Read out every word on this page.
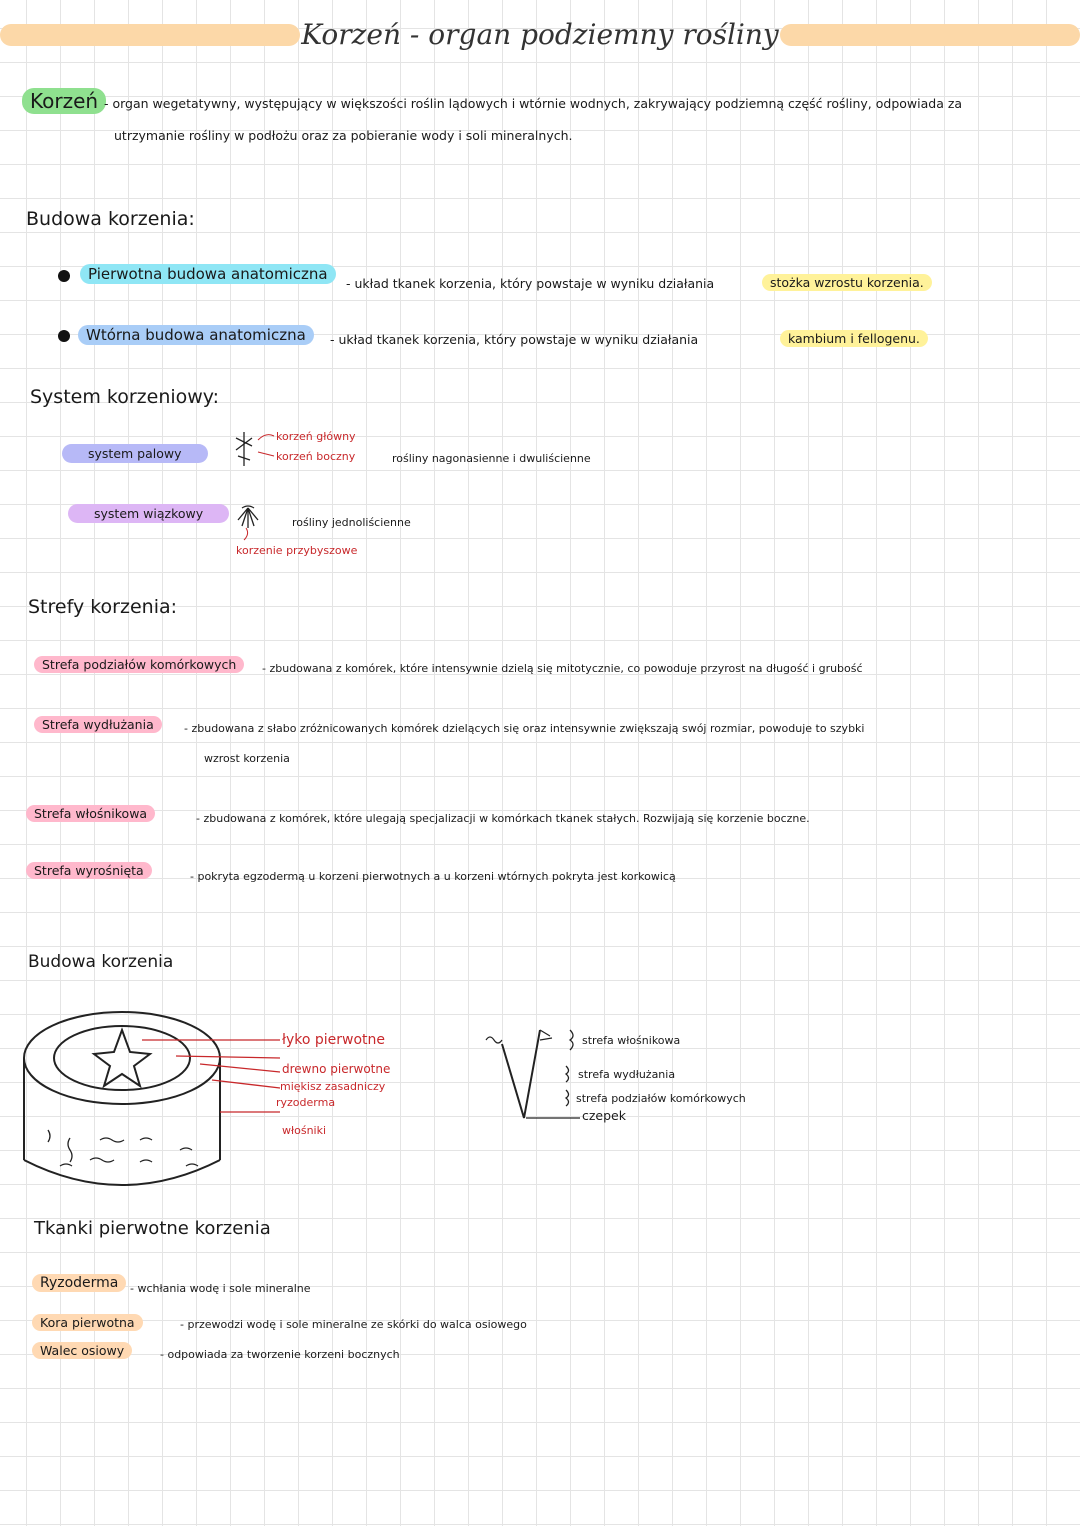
Korzeń - organ podziemny rośliny
Korzeń - organ wegetatywny, występujący w większości roślin lądowych i wtórnie wodnych, zakrywający podziemną część rośliny, odpowiada za
utrzymanie rośliny w podłożu oraz za pobieranie wody i soli mineralnych.
Budowa korzenia:
Pierwotna budowa anatomiczna
- układ tkanek korzenia, który powstaje w wyniku działania	stożka wzrostu korzenia.
Wtórna budowa anatomiczna	- układ tkanek korzenia, który powstaje w wyniku działania	kambium i fellogenu.
System korzeniowy:
system palowy
korzeń główny
korzeń boczny	rośliny nagonasienne i dwuliścienne
system wiązkowy
rośliny jednoliścienne
korzenie przybyszowe
Strefy korzenia:
Strefa podziałów komórkowych	- zbudowana z komórek, które intensywnie dzielą się mitotycznie, co powoduje przyrost na długość i grubość
Strefa wydłużania	- zbudowana z słabo zróżnicowanych komórek dzielących się oraz intensywnie zwiększają swój rozmiar, powoduje to szybki
wzrost korzenia
Strefa włośnikowa	- zbudowana z komórek, które ulegają specjalizacji w komórkach tkanek stałych. Rozwijają się korzenie boczne.
Strefa wyrośnięta	- pokryta egzodermą u korzeni pierwotnych a u korzeni wtórnych pokryta jest korkowicą
Budowa korzenia
łyko pierwotne
drewno pierwotne
miękisz zasadniczy
ryzoderma
włośniki
strefa włośnikowa
strefa wydłużania
strefa podziałów komórkowych
czepek
Tkanki pierwotne korzenia
Ryzoderma	- wchłania wodę i sole mineralne
Kora pierwotna	- przewodzi wodę i sole mineralne ze skórki do walca osiowego
Walec osiowy	- odpowiada za tworzenie korzeni bocznych
